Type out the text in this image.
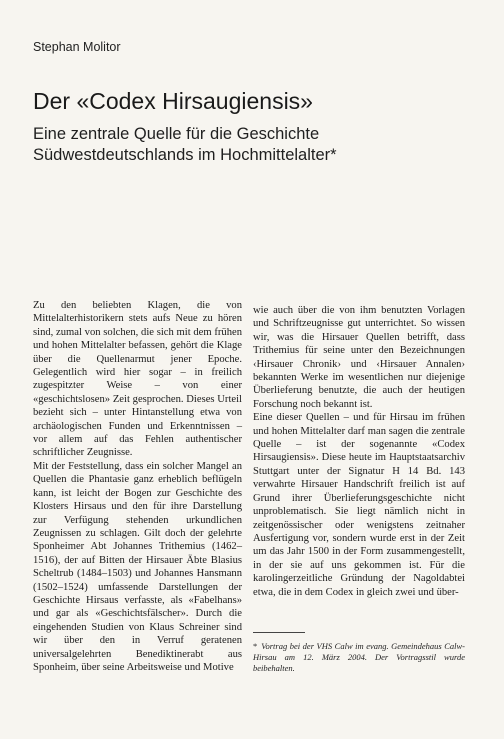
Stephan Molitor
Der «Codex Hirsaugiensis»
Eine zentrale Quelle für die Geschichte Südwestdeutschlands im Hochmittelalter*

Zu den beliebten Klagen, die von Mittelalterhistorikern stets aufs Neue zu hören sind, zumal von solchen, die sich mit dem frühen und hohen Mittelalter befassen, gehört die Klage über die Quellenarmut jener Epoche. Gelegentlich wird hier sogar – in freilich zugespitzter Weise – von einer «geschichtslosen» Zeit gesprochen. Dieses Urteil bezieht sich – unter Hintanstellung etwa von archäologischen Funden und Erkenntnissen – vor allem auf das Fehlen authentischer schriftlicher Zeugnisse.

Mit der Feststellung, dass ein solcher Mangel an Quellen die Phantasie ganz erheblich beflügeln kann, ist leicht der Bogen zur Geschichte des Klosters Hirsaus und den für ihre Darstellung zur Verfügung stehenden urkundlichen Zeugnissen zu schlagen. Gilt doch der gelehrte Sponheimer Abt Johannes Trithemius (1462–1516), der auf Bitten der Hirsauer Äbte Blasius Scheltrub (1484–1503) und Johannes Hansmann (1502–1524) umfassende Darstellungen der Geschichte Hirsaus verfasste, als «Fabelhans» und gar als «Geschichtsfälscher». Durch die eingehenden Studien von Klaus Schreiner sind wir über den in Verruf geratenen universalgelehrten Benediktinerabt aus Sponheim, über seine Arbeitsweise und Motive

wie auch über die von ihm benutzten Vorlagen und Schriftzeugnisse gut unterrichtet. So wissen wir, was die Hirsauer Quellen betrifft, dass Trithemius für seine unter den Bezeichnungen ‹Hirsauer Chronik› und ‹Hirsauer Annalen› bekannten Werke im wesentlichen nur diejenige Überlieferung benutzte, die auch der heutigen Forschung noch bekannt ist.

Eine dieser Quellen – und für Hirsau im frühen und hohen Mittelalter darf man sagen die zentrale Quelle – ist der sogenannte «Codex Hirsaugiensis». Diese heute im Hauptstaatsarchiv Stuttgart unter der Signatur H 14 Bd. 143 verwahrte Hirsauer Handschrift freilich ist auf Grund ihrer Überlieferungsgeschichte nicht unproblematisch. Sie liegt nämlich nicht in zeitgenössischer oder wenigstens zeitnaher Ausfertigung vor, sondern wurde erst in der Zeit um das Jahr 1500 in der Form zusammengestellt, in der sie auf uns gekommen ist. Für die karolingerzeitliche Gründung der Nagoldabtei etwa, die in dem Codex in gleich zwei und über-

* Vortrag bei der VHS Calw im evang. Gemeindehaus Calw-Hirsau am 12. März 2004. Der Vortragsstil wurde beibehalten.
